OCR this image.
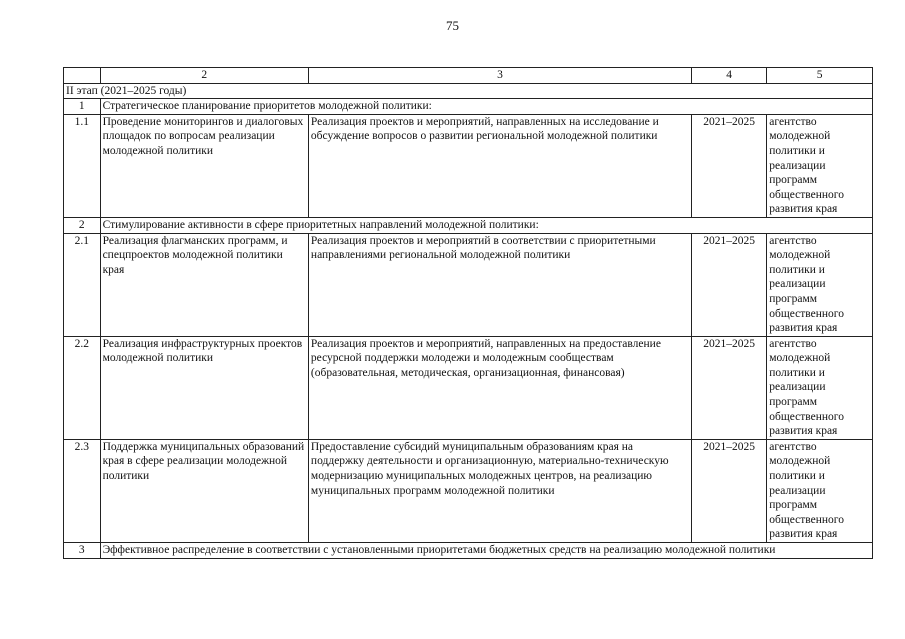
75
	2	3	4	5
II этап (2021–2025 годы)				
1	Стратегическое планирование приоритетов молодежной политики:			
1.1	Проведение мониторингов и диалоговых площадок по вопросам реализации молодежной политики	Реализация проектов и мероприятий, направленных на исследование и обсуждение вопросов о развитии региональной молодежной политики	2021–2025	агентство молодежной политики и реализации программ общественного развития края
2	Стимулирование активности в сфере приоритетных направлений молодежной политики:			
2.1	Реализация флагманских программ, и спецпроектов молодежной политики края	Реализация проектов и мероприятий в соответствии с приоритетными направлениями региональной молодежной политики	2021–2025	агентство молодежной политики и реализации программ общественного развития края
2.2	Реализация инфраструктурных проектов молодежной политики	Реализация проектов и мероприятий, направленных на предоставление ресурсной поддержки молодежи и молодежным сообществам (образовательная, методическая, организационная, финансовая)	2021–2025	агентство молодежной политики и реализации программ общественного развития края
2.3	Поддержка муниципальных образований края в сфере реализации молодежной политики	Предоставление субсидий муниципальным образованиям края на поддержку деятельности и организационную, материально-техническую модернизацию муниципальных молодежных центров, на реализацию муниципальных программ молодежной политики	2021–2025	агентство молодежной политики и реализации программ общественного развития края
3	Эффективное распределение в соответствии с установленными приоритетами бюджетных средств на реализацию молодежной политики			
